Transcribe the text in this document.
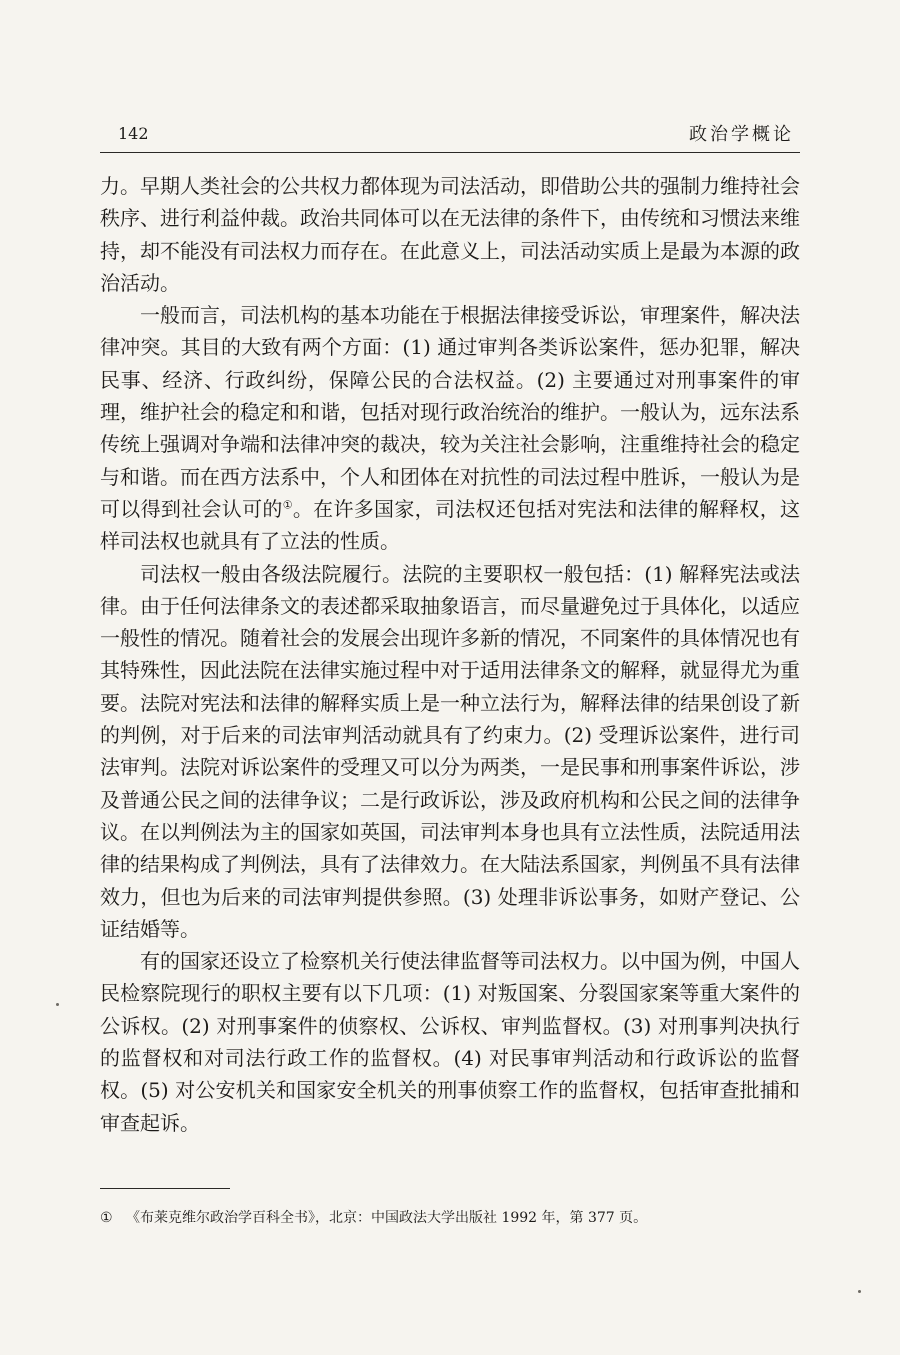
142	政治学概论

力。早期人类社会的公共权力都体现为司法活动，即借助公共的强制力维持社会秩序、进行利益仲裁。政治共同体可以在无法律的条件下，由传统和习惯法来维持，却不能没有司法权力而存在。在此意义上，司法活动实质上是最为本源的政治活动。

一般而言，司法机构的基本功能在于根据法律接受诉讼，审理案件，解决法律冲突。其目的大致有两个方面：(1) 通过审判各类诉讼案件，惩办犯罪，解决民事、经济、行政纠纷，保障公民的合法权益。(2) 主要通过对刑事案件的审理，维护社会的稳定和和谐，包括对现行政治统治的维护。一般认为，远东法系传统上强调对争端和法律冲突的裁决，较为关注社会影响，注重维持社会的稳定与和谐。而在西方法系中，个人和团体在对抗性的司法过程中胜诉，一般认为是可以得到社会认可的①。在许多国家，司法权还包括对宪法和法律的解释权，这样司法权也就具有了立法的性质。

司法权一般由各级法院履行。法院的主要职权一般包括：(1) 解释宪法或法律。由于任何法律条文的表述都采取抽象语言，而尽量避免过于具体化，以适应一般性的情况。随着社会的发展会出现许多新的情况，不同案件的具体情况也有其特殊性，因此法院在法律实施过程中对于适用法律条文的解释，就显得尤为重要。法院对宪法和法律的解释实质上是一种立法行为，解释法律的结果创设了新的判例，对于后来的司法审判活动就具有了约束力。(2) 受理诉讼案件，进行司法审判。法院对诉讼案件的受理又可以分为两类，一是民事和刑事案件诉讼，涉及普通公民之间的法律争议；二是行政诉讼，涉及政府机构和公民之间的法律争议。在以判例法为主的国家如英国，司法审判本身也具有立法性质，法院适用法律的结果构成了判例法，具有了法律效力。在大陆法系国家，判例虽不具有法律效力，但也为后来的司法审判提供参照。(3) 处理非诉讼事务，如财产登记、公证结婚等。

有的国家还设立了检察机关行使法律监督等司法权力。以中国为例，中国人民检察院现行的职权主要有以下几项：(1) 对叛国案、分裂国家案等重大案件的公诉权。(2) 对刑事案件的侦察权、公诉权、审判监督权。(3) 对刑事判决执行的监督权和对司法行政工作的监督权。(4) 对民事审判活动和行政诉讼的监督权。(5) 对公安机关和国家安全机关的刑事侦察工作的监督权，包括审查批捕和审查起诉。

① 《布莱克维尔政治学百科全书》，北京：中国政法大学出版社 1992 年，第 377 页。
